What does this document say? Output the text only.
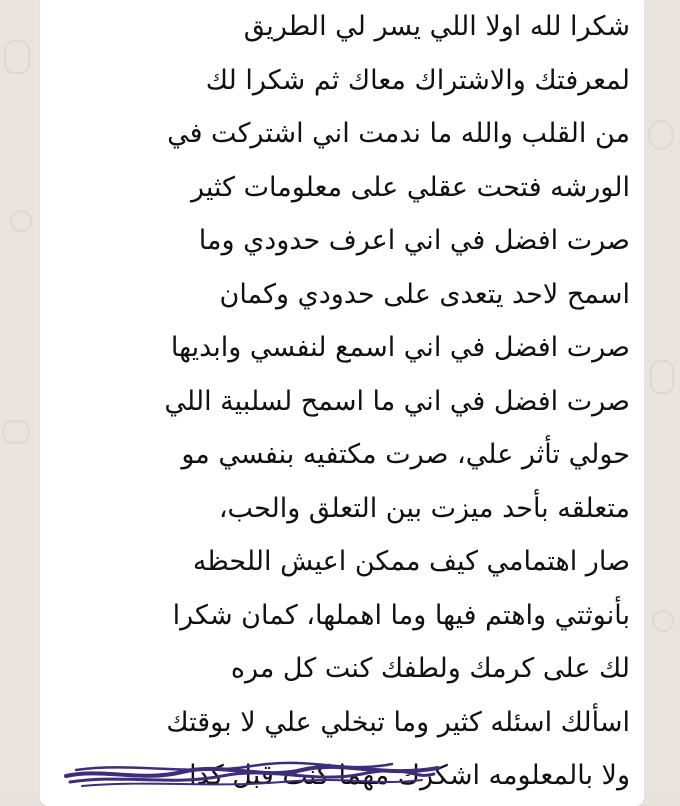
شكرا لله اولا اللي يسر لي الطريق
لمعرفتك والاشتراك معاك ثم شكرا لك
من القلب والله ما ندمت اني اشتركت في
الورشه فتحت عقلي على معلومات كثير
صرت افضل في اني اعرف حدودي وما
اسمح لاحد يتعدى على حدودي وكمان
صرت افضل في اني اسمع لنفسي وابديها
صرت افضل في اني ما اسمح لسلبية اللي
حولي تأثر علي، صرت مكتفيه بنفسي مو
متعلقه بأحد ميزت بين التعلق والحب،
صار اهتمامي كيف ممكن اعيش اللحظه
بأنوثتي واهتم فيها وما اهملها، كمان شكرا
لك على كرمك ولطفك كنت كل مره
اسألك اسئله كثير وما تبخلي علي لا بوقتك
ولا بالمعلومه اشكرك مهما كنت قبل كذا
